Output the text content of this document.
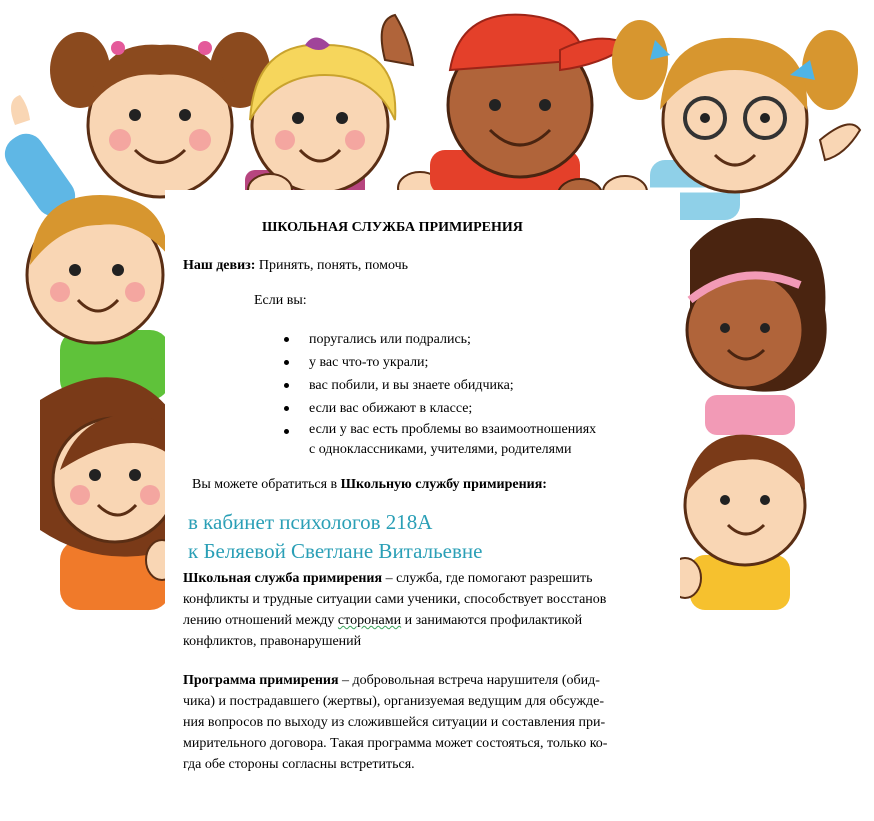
ШКОЛЬНАЯ СЛУЖБА ПРИМИРЕНИЯ
Наш девиз: Принять, понять, помочь
Если вы:
поругались или подрались;
у вас что-то украли;
вас побили, и вы знаете обидчика;
если вас обижают в классе;
если у вас есть проблемы во взаимоотношениях
с одноклассниками, учителями, родителями
Вы можете обратиться в Школьную службу примирения:
в кабинет психологов 218А
к Беляевой Светлане Витальевне
Школьная служба примирения – служба, где помогают разрешить
конфликты и трудные ситуации сами ученики, способствует восстанов
лению отношений между сторонами и занимаются профилактикой
конфликтов, правонарушений
Программа примирения – добровольная встреча нарушителя (обид-
чика) и пострадавшего (жертвы), организуемая ведущим для обсужде-
ния вопросов по выходу из сложившейся ситуации и составления при-
мирительного договора. Такая программа может состояться, только ко-
гда обе стороны согласны встретиться.
